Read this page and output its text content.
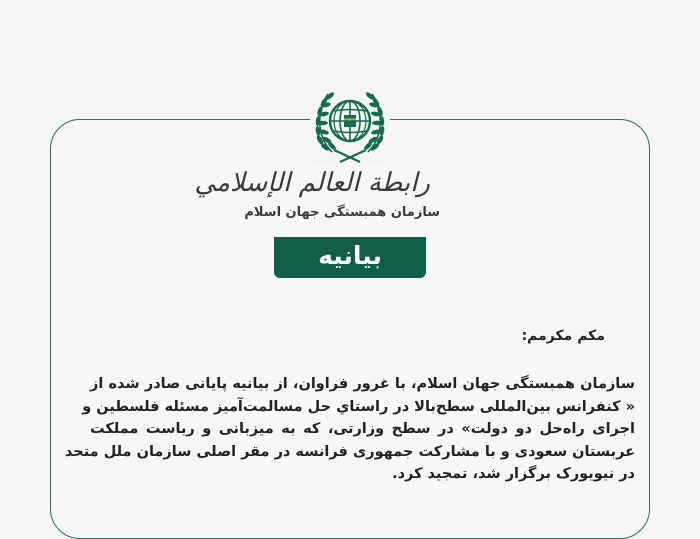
رابطة العالم الإسلامي
سازمان همبستگی جهان اسلام
بیانیه
مکم مکرمم:
سازمان همبستگی جهان اسلام، با غرور فراوان، از بیانیه پایانی صادر شده از
« کنفرانس بین‌المللی سطح‌بالا در راستاي حل مسالمت‌آمیز مسئله فلسطین و
اجرای راه‌حل دو دولت» در سطح وزارتی، که به میزبانی و ریاست مملکت
عربستان سعودی و با مشارکت جمهوری فرانسه در مقر اصلی سازمان ملل متحد
در نیویورک برگزار شد، تمجید کرد.
